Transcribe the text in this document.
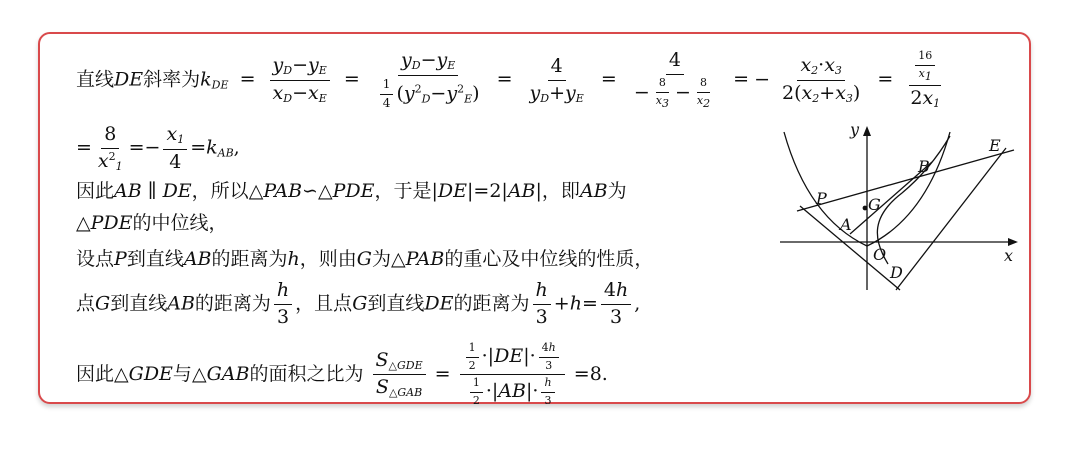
直线DE斜率为$k_{DE} = \frac{y_D-y_E}{x_D-x_E} = \frac{y_D-y_E}{\frac{1}{4} (y^2_D-y^2_E)} = \frac{4}{y_D+y_E} = \frac{4}{- \frac{8}{x_3} - \frac{8}{x_2}}$ = − $\frac{x_2\cdot x_3}{2(x_2+x_3)} = \frac{\frac{16}{x_1}}{2x_1}$
= $\frac{8}{x^2_1} =- \frac{x_1}{4} =k_{AB}$,
因此AB ∥ DE，所以△PAB∽△PDE，于是|DE|=2|AB|，即AB为
△PDE的中位线，
设点P到直线AB的距离为h，则由G为△PAB的重心及中位线的性质，
点G到直线AB的距离为 $\frac{h}{3}$ ，且点G到直线DE的距离为 $\frac{h}{3} +h= \frac{4h}{3}$ ,
因此△GDE与△GAB的面积之比为 $\frac{S_{\triangle GDE}}{S_{\triangle GAB}} = \frac{\frac{1}{2} \cdot|DE|\cdot \frac{4h}{3}}{\frac{1}{2} \cdot|AB|\cdot \frac{h}{3}} =8$.
y
x
O
E
B
P	G
A
D
